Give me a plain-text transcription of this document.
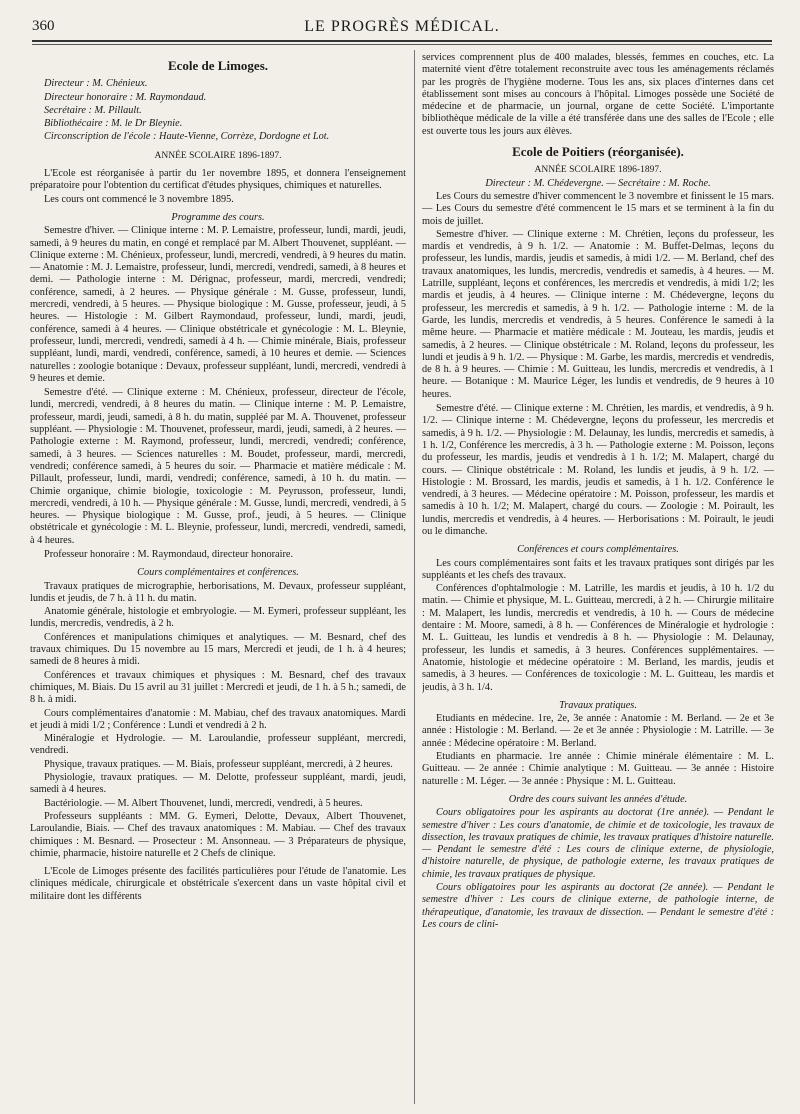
360	LE PROGRÈS MÉDICAL.
Ecole de Limoges.

Directeur : M. Chénieux.

Directeur honoraire : M. Raymondaud.

Secrétaire : M. Pillault.

Bibliothécaire : M. le Dr Bleynie.

Circonscription de l'école : Haute-Vienne, Corrèze, Dordogne et Lot.

ANNÉE SCOLAIRE 1896-1897.

L'Ecole est réorganisée à partir du 1er novembre 1895, et donnera l'enseignement préparatoire pour l'obtention du certificat d'études physiques, chimiques et naturelles.

Les cours ont commencé le 3 novembre 1895.

Programme des cours.

Semestre d'hiver. — Clinique interne : M. P. Lemaistre, professeur, lundi, mardi, jeudi, samedi, à 9 heures du matin, en congé et remplacé par M. Albert Thouvenet, suppléant. — Clinique externe : M. Chénieux, professeur, lundi, mercredi, vendredi, à 9 heures du matin. — Anatomie : M. J. Lemaistre, professeur, lundi, mercredi, vendredi, samedi, à 8 heures et demi. — Pathologie interne : M. Dérignac, professeur, mardi, mercredi, vendredi; conférence, samedi, à 2 heures. — Physique générale : M. Gusse, professeur, lundi, mercredi, vendredi, à 5 heures. — Physique biologique : M. Gusse, professeur, jeudi, à 5 heures. — Histologie : M. Gilbert Raymondaud, professeur, lundi, mardi, jeudi, conférence, samedi à 4 heures. — Clinique obstétricale et gynécologie : M. L. Bleynie, professeur, lundi, mercredi, vendredi, samedi à 4 h. — Chimie minérale, Biais, professeur suppléant, lundi, mardi, vendredi, conférence, samedi, à 10 heures et demie. — Sciences naturelles : zoologie botanique : Devaux, professeur suppléant, lundi, mercredi, vendredi à 9 heures et demie.

Semestre d'été. — Clinique externe : M. Chénieux, professeur, directeur de l'école, lundi, mercredi, vendredi, à 8 heures du matin. — Clinique interne : M. P. Lemaistre, professeur, mardi, jeudi, samedi, à 8 h. du matin, suppléé par M. A. Thouvenet, professeur suppléant. — Physiologie : M. Thouvenet, professeur, mardi, jeudi, samedi, à 2 heures. — Pathologie externe : M. Raymond, professeur, lundi, mercredi, vendredi; conférence, samedi, à 3 heures. — Sciences naturelles : M. Boudet, professeur, mardi, mercredi, vendredi; conférence samedi, à 5 heures du soir. — Pharmacie et matière médicale : M. Pillault, professeur, lundi, mardi, vendredi; conférence, samedi, à 10 h. du matin. — Chimie organique, chimie biologie, toxicologie : M. Peyrusson, professeur, lundi, mercredi, vendredi, à 10 h. — Physique générale : M. Gusse, lundi, mercredi, vendredi, à 5 heures. — Physique biologique : M. Gusse, prof., jeudi, à 5 heures. — Clinique obstétricale et gynécologie : M. L. Bleynie, professeur, lundi, mercredi, vendredi, samedi, à 4 heures.

Professeur honoraire : M. Raymondaud, directeur honoraire.

Cours complémentaires et conférences.

Travaux pratiques de micrographie, herborisations, M. Devaux, professeur suppléant, lundis et jeudis, de 7 h. à 11 h. du matin.

Anatomie générale, histologie et embryologie. — M. Eymeri, professeur suppléant, les lundis, mercredis, vendredis, à 2 h.

Conférences et manipulations chimiques et analytiques. — M. Besnard, chef des travaux chimiques. Du 15 novembre au 15 mars, Mercredi et jeudi, de 1 h. à 4 heures; samedi de 8 heures à midi.

Conférences et travaux chimiques et physiques : M. Besnard, chef des travaux chimiques, M. Biais. Du 15 avril au 31 juillet : Mercredi et jeudi, de 1 h. à 5 h.; samedi, de 8 h. à midi.

Cours complémentaires d'anatomie : M. Mabiau, chef des travaux anatomiques. Mardi et jeudi à midi 1/2 ; Conférence : Lundi et vendredi à 2 h.

Minéralogie et Hydrologie. — M. Laroulandie, professeur suppléant, mercredi, vendredi.

Physique, travaux pratiques. — M. Biais, professeur suppléant, mercredi, à 2 heures.

Physiologie, travaux pratiques. — M. Delotte, professeur suppléant, mardi, jeudi, samedi à 4 heures.

Bactériologie. — M. Albert Thouvenet, lundi, mercredi, vendredi, à 5 heures.

Professeurs suppléants : MM. G. Eymeri, Delotte, Devaux, Albert Thouvenet, Laroulandie, Biais. — Chef des travaux anatomiques : M. Mabiau. — Chef des travaux chimiques : M. Besnard. — Prosecteur : M. Ansonneau. — 3 Préparateurs de physique, chimie, pharmacie, histoire naturelle et 2 Chefs de clinique.

L'Ecole de Limoges présente des facilités particulières pour l'étude de l'anatomie. Les cliniques médicale, chirurgicale et obstétricale s'exercent dans un vaste hôpital civil et militaire dont les différents

services comprennent plus de 400 malades, blessés, femmes en couches, etc. La maternité vient d'être totalement reconstruite avec tous les aménagements réclamés par les progrès de l'hygiène moderne. Tous les ans, six places d'internes dans cet établissement sont mises au concours à l'hôpital. Limoges possède une Société de médecine et de pharmacie, un journal, organe de cette Société. L'importante bibliothèque médicale de la ville a été transférée dans une des salles de l'Ecole ; elle est ouverte tous les jours aux élèves.

Ecole de Poitiers (réorganisée).

ANNÉE SCOLAIRE 1896-1897.

Directeur : M. Chédevergne. — Secrétaire : M. Roche.

Les Cours du semestre d'hiver commencent le 3 novembre et finissent le 15 mars. — Les Cours du semestre d'été commencent le 15 mars et se terminent à la fin du mois de juillet.

Semestre d'hiver. — Clinique externe : M. Chrétien, leçons du professeur, les mardis et vendredis, à 9 h. 1/2. — Anatomie : M. Buffet-Delmas, leçons du professeur, les lundis, mardis, jeudis et samedis, à midi 1/2. — M. Berland, chef des travaux anatomiques, les lundis, mercredis, vendredis et samedis, à 4 heures. — M. Latrille, suppléant, leçons et conférences, les mercredis et vendredis, à midi 1/2; les mardis et jeudis, à 4 heures. — Clinique interne : M. Chédevergne, leçons du professeur, les mercredis et samedis, à 9 h. 1/2. — Pathologie interne : M. de la Garde, les lundis, mercredis et vendredis, à 5 heures. Conférence le samedi à la même heure. — Pharmacie et matière médicale : M. Jouteau, les mardis, jeudis et samedis, à 2 heures. — Clinique obstétricale : M. Roland, leçons du professeur, les lundi et jeudis à 9 h. 1/2. — Physique : M. Garbe, les mardis, mercredis et vendredis, de 8 h. à 9 heures. — Chimie : M. Guitteau, les lundis, mercredis et vendredis, à 1 heure. — Botanique : M. Maurice Léger, les lundis et vendredis, de 9 heures à 10 heures.

Semestre d'été. — Clinique externe : M. Chrétien, les mardis, et vendredis, à 9 h. 1/2. — Clinique interne : M. Chédevergne, leçons du professeur, les mercredis et samedis, à 9 h. 1/2. — Physiologie : M. Delaunay, les lundis, mercredis et samedis, à 1 h. 1/2, Conférence les mercredis, à 3 h. — Pathologie externe : M. Poisson, leçons du professeur, les mardis, jeudis et vendredis à 1 h. 1/2; M. Malapert, chargé du cours. — Clinique obstétricale : M. Roland, les lundis et jeudis, à 9 h. 1/2. — Histologie : M. Brossard, les mardis, jeudis et samedis, à 1 h. 1/2. Conférence le vendredi, à 3 heures. — Médecine opératoire : M. Poisson, professeur, les mardis et samedis à 10 h. 1/2; M. Malapert, chargé du cours. — Zoologie : M. Poirault, les lundis, mercredis et vendredis, à 4 heures. — Herborisations : M. Poirault, le jeudi ou le dimanche.

Conférences et cours complémentaires.

Les cours complémentaires sont faits et les travaux pratiques sont dirigés par les suppléants et les chefs des travaux.

Conférences d'ophtalmologie : M. Latrille, les mardis et jeudis, à 10 h. 1/2 du matin. — Chimie et physique, M. L. Guitteau, mercredi, à 2 h. — Chirurgie militaire : M. Malapert, les lundis, mercredis et vendredis, à 10 h. — Cours de médecine dentaire : M. Moore, samedi, à 8 h. — Conférences de Minéralogie et hydrologie : M. L. Guitteau, les lundis et vendredis à 8 h. — Physiologie : M. Delaunay, professeur, les lundis et samedis, à 3 heures. Conférences supplémentaires. — Anatomie, histologie et médecine opératoire : M. Berland, les mardis, jeudis et samedis, à 3 heures. — Conférences de toxicologie : M. L. Guitteau, les mardis et jeudis, à 3 h. 1/4.

Travaux pratiques.

Etudiants en médecine. 1re, 2e, 3e année : Anatomie : M. Berland. — 2e et 3e année : Histologie : M. Berland. — 2e et 3e année : Physiologie : M. Latrille. — 3e année : Médecine opératoire : M. Berland.

Etudiants en pharmacie. 1re année : Chimie minérale élémentaire : M. L. Guitteau. — 2e année : Chimie analytique : M. Guitteau. — 3e année : Histoire naturelle : M. Léger. — 3e année : Physique : M. L. Guitteau.

Ordre des cours suivant les années d'étude.

Cours obligatoires pour les aspirants au doctorat (1re année). — Pendant le semestre d'hiver : Les cours d'anatomie, de chimie et de toxicologie, les travaux de dissection, les travaux pratiques de chimie, les travaux pratiques d'histoire naturelle. — Pendant le semestre d'été : Les cours de clinique externe, de physiologie, d'histoire naturelle, de physique, de pathologie externe, les travaux pratiques de chimie, les travaux pratiques de physique.

Cours obligatoires pour les aspirants au doctorat (2e année). — Pendant le semestre d'hiver : Les cours de clinique externe, de pathologie interne, de thérapeutique, d'anatomie, les travaux de dissection. — Pendant le semestre d'été : Les cours de clini-
